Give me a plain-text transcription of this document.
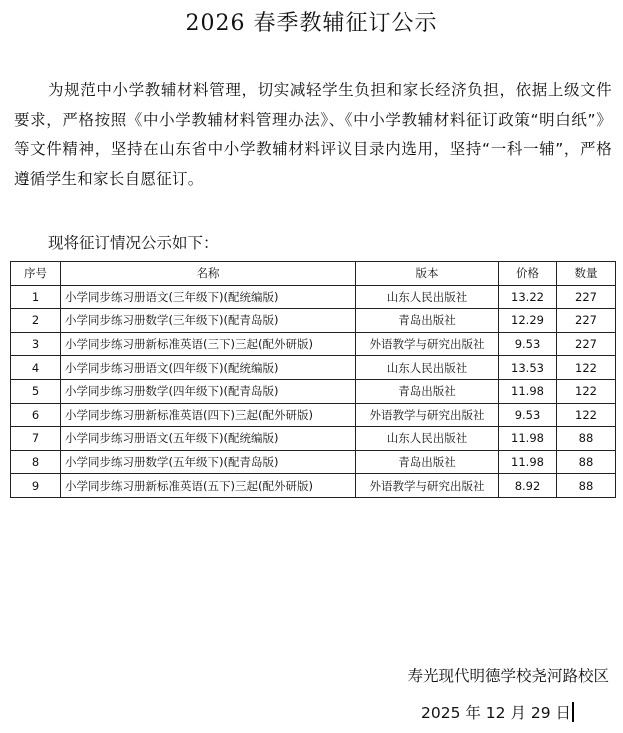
2026 春季教辅征订公示
为规范中小学教辅材料管理，切实减轻学生负担和家长经济负担，依据上级文件要求，严格按照《中小学教辅材料管理办法》、《中小学教辅材料征订政策“明白纸”》等文件精神，坚持在山东省中小学教辅材料评议目录内选用，坚持“一科一辅”，严格遵循学生和家长自愿征订。
现将征订情况公示如下：
序号	名称	版本	价格	数量
1	小学同步练习册语文(三年级下)(配统编版)	山东人民出版社	13.22	227
2	小学同步练习册数学(三年级下)(配青岛版)	青岛出版社	12.29	227
3	小学同步练习册新标准英语(三下)三起(配外研版)	外语教学与研究出版社	9.53	227
4	小学同步练习册语文(四年级下)(配统编版)	山东人民出版社	13.53	122
5	小学同步练习册数学(四年级下)(配青岛版)	青岛出版社	11.98	122
6	小学同步练习册新标准英语(四下)三起(配外研版)	外语教学与研究出版社	9.53	122
7	小学同步练习册语文(五年级下)(配统编版)	山东人民出版社	11.98	88
8	小学同步练习册数学(五年级下)(配青岛版)	青岛出版社	11.98	88
9	小学同步练习册新标准英语(五下)三起(配外研版)	外语教学与研究出版社	8.92	88
寿光现代明德学校尧河路校区
2025 年 12 月 29 日
